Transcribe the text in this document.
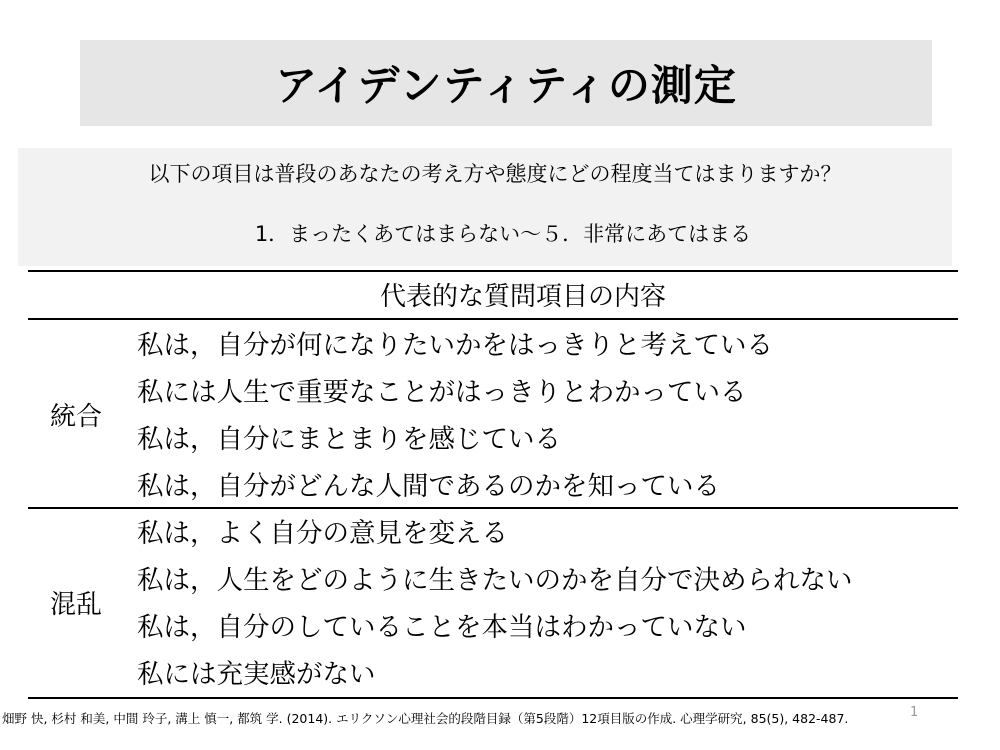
アイデンティティの測定
以下の項目は普段のあなたの考え方や態度にどの程度当てはまりますか？
1．まったくあてはまらない～５．非常にあてはまる
代表的な質問項目の内容
統合
私は，自分が何になりたいかをはっきりと考えている
私には人生で重要なことがはっきりとわかっている
私は，自分にまとまりを感じている
私は，自分がどんな人間であるのかを知っている
混乱
私は，よく自分の意見を変える
私は，人生をどのように生きたいのかを自分で決められない
私は，自分のしていることを本当はわかっていない
私には充実感がない
1
畑野 快, 杉村 和美, 中間 玲子, 溝上 慎一, 都筑 学. (2014). エリクソン心理社会的段階目録（第5段階）12項目版の作成. 心理学研究, 85(5), 482-487.
